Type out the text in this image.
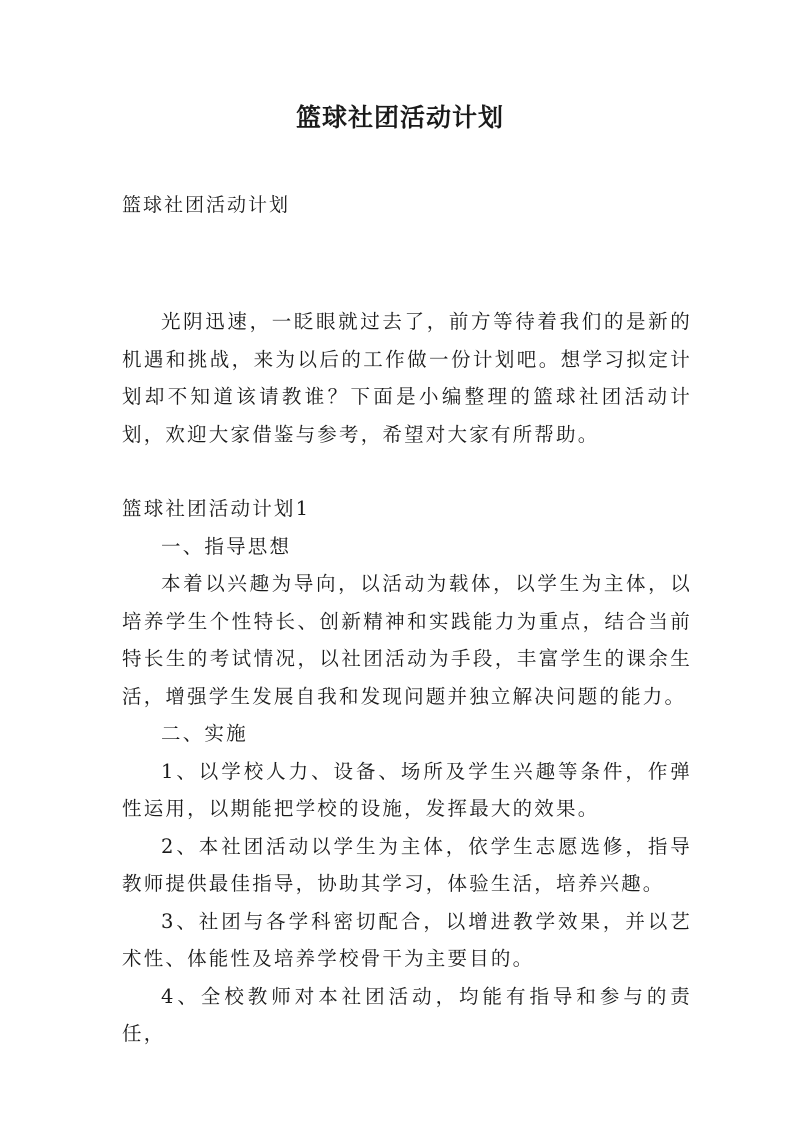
篮球社团活动计划
篮球社团活动计划

光阴迅速，一眨眼就过去了，前方等待着我们的是新的机遇和挑战，来为以后的工作做一份计划吧。想学习拟定计划却不知道该请教谁？下面是小编整理的篮球社团活动计划，欢迎大家借鉴与参考，希望对大家有所帮助。

篮球社团活动计划1

一、指导思想

本着以兴趣为导向，以活动为载体，以学生为主体，以培养学生个性特长、创新精神和实践能力为重点，结合当前特长生的考试情况，以社团活动为手段，丰富学生的课余生活，增强学生发展自我和发现问题并独立解决问题的能力。

二、实施

1、以学校人力、设备、场所及学生兴趣等条件，作弹性运用，以期能把学校的设施，发挥最大的效果。

2、本社团活动以学生为主体，依学生志愿选修，指导教师提供最佳指导，协助其学习，体验生活，培养兴趣。

3、社团与各学科密切配合，以增进教学效果，并以艺术性、体能性及培养学校骨干为主要目的。

4、全校教师对本社团活动，均能有指导和参与的责任，
